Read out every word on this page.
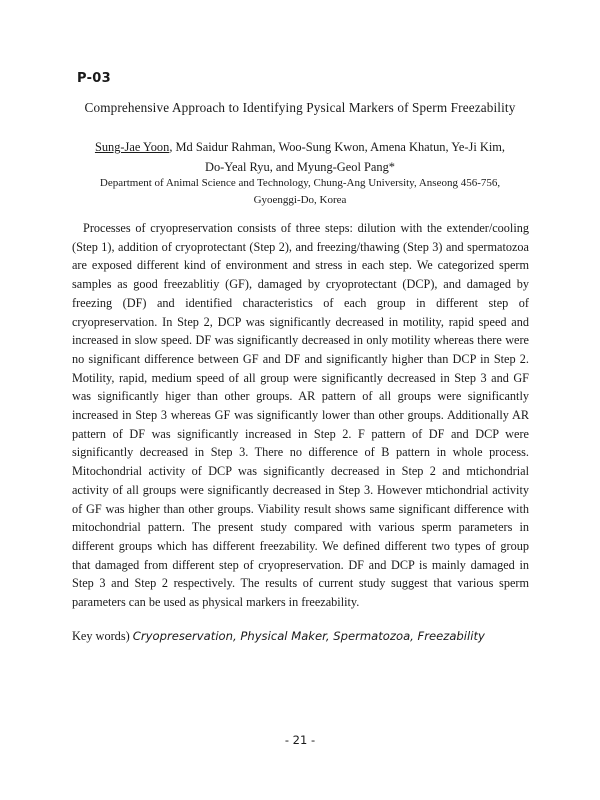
P-03
Comprehensive Approach to Identifying Pysical Markers of Sperm Freezability
Sung-Jae Yoon, Md Saidur Rahman, Woo-Sung Kwon, Amena Khatun, Ye-Ji Kim,
Do-Yeal Ryu, and Myung-Geol Pang*
Department of Animal Science and Technology, Chung-Ang University, Anseong 456-756,
Gyoenggi-Do, Korea

Processes of cryopreservation consists of three steps: dilution with the extender/cooling (Step 1), addition of cryoprotectant (Step 2), and freezing/thawing (Step 3) and spermatozoa are exposed different kind of environment and stress in each step. We categorized sperm samples as good freezablitiy (GF), damaged by cryoprotectant (DCP), and damaged by freezing (DF) and identified characteristics of each group in different step of cryopreservation. In Step 2, DCP was significantly decreased in motility, rapid speed and increased in slow speed. DF was significantly decreased in only motility whereas there were no significant difference between GF and DF and significantly higher than DCP in Step 2. Motility, rapid, medium speed of all group were significantly decreased in Step 3 and GF was significantly higer than other groups. AR pattern of all groups were significantly increased in Step 3 whereas GF was significantly lower than other groups. Additionally AR pattern of DF was significantly increased in Step 2. F pattern of DF and DCP were significantly decreased in Step 3. There no difference of B pattern in whole process. Mitochondrial activity of DCP was significantly decreased in Step 2 and mtichondrial activity of all groups were significantly decreased in Step 3. However mtichondrial activity of GF was higher than other groups. Viability result shows same significant difference with mitochondrial pattern. The present study compared with various sperm parameters in different groups which has different freezability. We defined different two types of group that damaged from different step of cryopreservation. DF and DCP is mainly damaged in Step 3 and Step 2 respectively. The results of current study suggest that various sperm parameters can be used as physical markers in freezability.

Key words) Cryopreservation, Physical Maker, Spermatozoa, Freezability
- 21 -
